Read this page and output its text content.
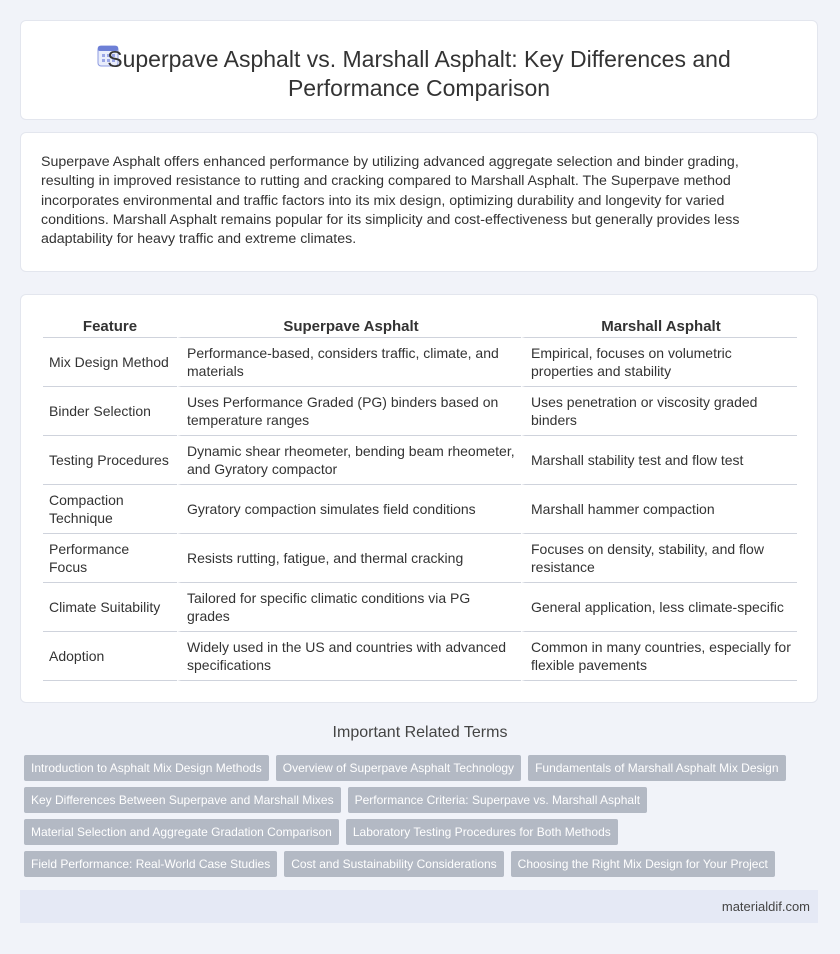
Superpave Asphalt vs. Marshall Asphalt: Key Differences and Performance Comparison

Superpave Asphalt offers enhanced performance by utilizing advanced aggregate selection and binder grading, resulting in improved resistance to rutting and cracking compared to Marshall Asphalt. The Superpave method incorporates environmental and traffic factors into its mix design, optimizing durability and longevity for varied conditions. Marshall Asphalt remains popular for its simplicity and cost-effectiveness but generally provides less adaptability for heavy traffic and extreme climates.

Feature	Superpave Asphalt	Marshall Asphalt
Mix Design Method	Performance-based, considers traffic, climate, and materials	Empirical, focuses on volumetric properties and stability
Binder Selection	Uses Performance Graded (PG) binders based on temperature ranges	Uses penetration or viscosity graded binders
Testing Procedures	Dynamic shear rheometer, bending beam rheometer, and Gyratory compactor	Marshall stability test and flow test
Compaction Technique	Gyratory compaction simulates field conditions	Marshall hammer compaction
Performance Focus	Resists rutting, fatigue, and thermal cracking	Focuses on density, stability, and flow resistance
Climate Suitability	Tailored for specific climatic conditions via PG grades	General application, less climate-specific
Adoption	Widely used in the US and countries with advanced specifications	Common in many countries, especially for flexible pavements
Important Related Terms
Introduction to Asphalt Mix Design Methods	Overview of Superpave Asphalt Technology	Fundamentals of Marshall Asphalt Mix Design
Key Differences Between Superpave and Marshall Mixes	Performance Criteria: Superpave vs. Marshall Asphalt
Material Selection and Aggregate Gradation Comparison	Laboratory Testing Procedures for Both Methods
Field Performance: Real-World Case Studies	Cost and Sustainability Considerations	Choosing the Right Mix Design for Your Project
materialdif.com
